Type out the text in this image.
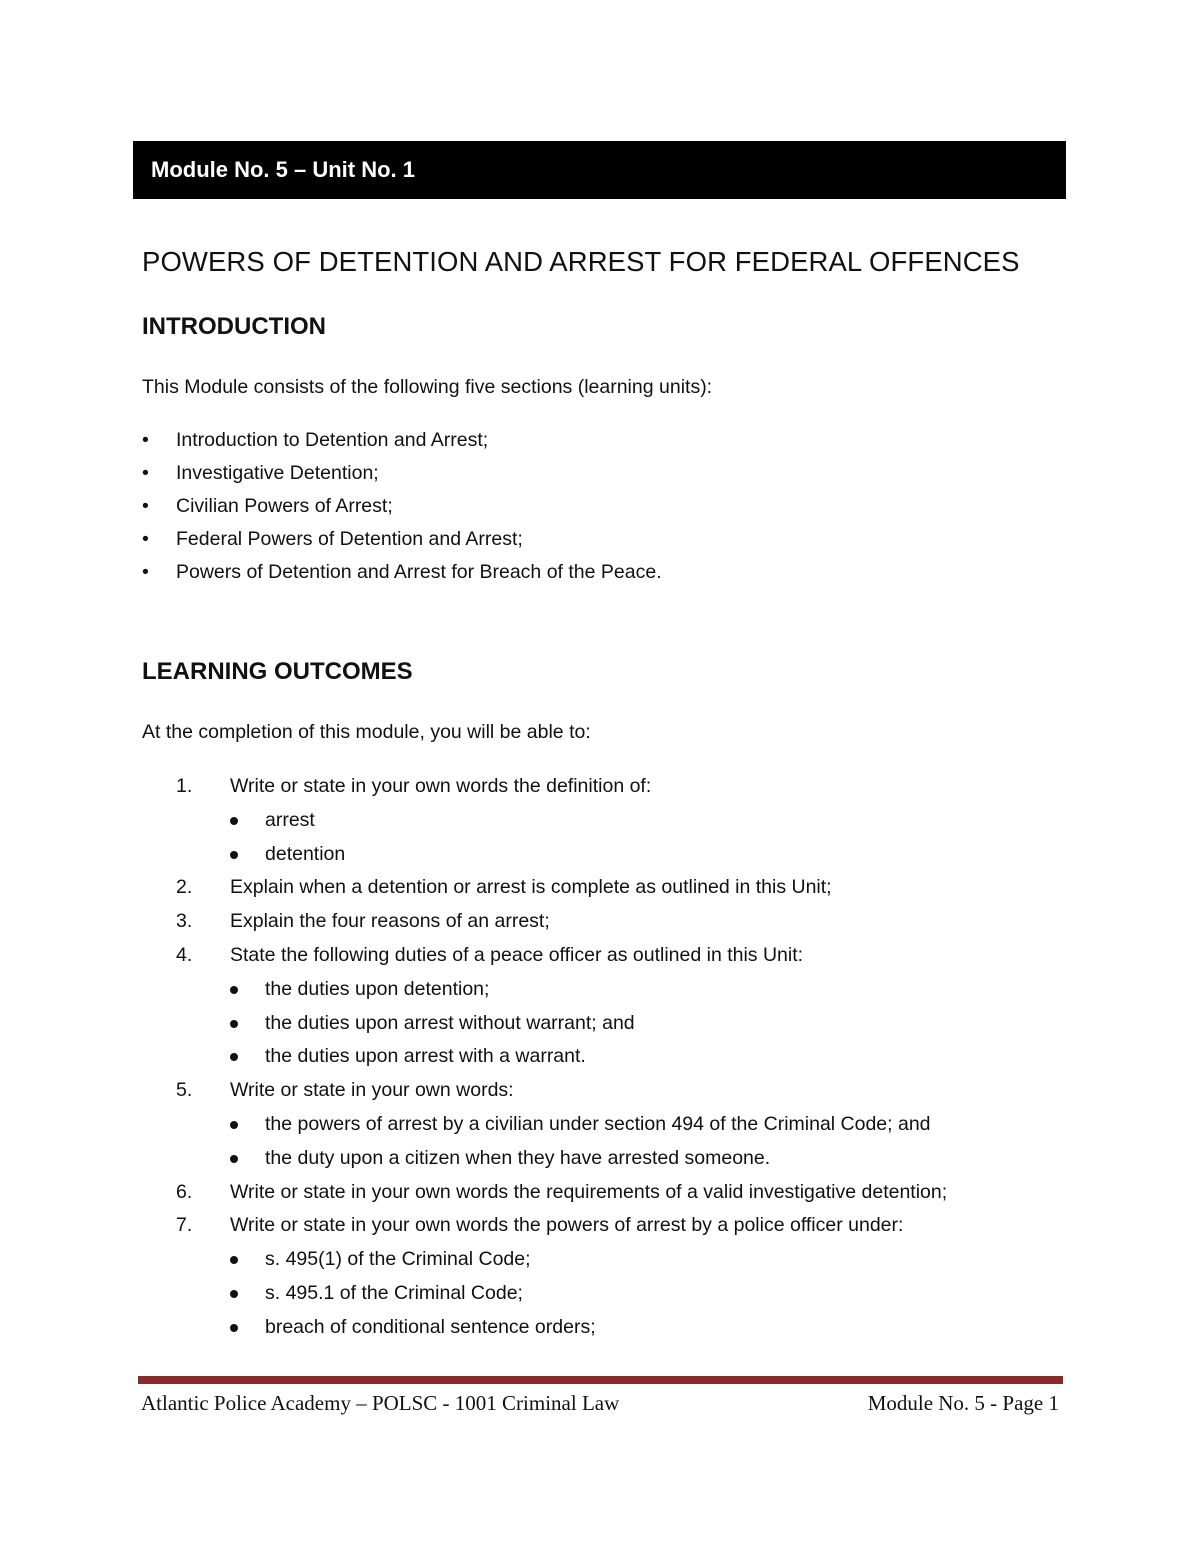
Module No. 5 – Unit No. 1
POWERS OF DETENTION AND ARREST FOR FEDERAL OFFENCES
INTRODUCTION

This Module consists of the following five sections (learning units):

• Introduction to Detention and Arrest;
• Investigative Detention;
• Civilian Powers of Arrest;
• Federal Powers of Detention and Arrest;
• Powers of Detention and Arrest for Breach of the Peace.
LEARNING OUTCOMES

At the completion of this module, you will be able to:

1. Write or state in your own words the definition of:
arrest
detention
2. Explain when a detention or arrest is complete as outlined in this Unit;
3. Explain the four reasons of an arrest;
4. State the following duties of a peace officer as outlined in this Unit:
the duties upon detention;
the duties upon arrest without warrant; and
the duties upon arrest with a warrant.
5. Write or state in your own words:
the powers of arrest by a civilian under section 494 of the Criminal Code; and
the duty upon a citizen when they have arrested someone.
6. Write or state in your own words the requirements of a valid investigative detention;
7. Write or state in your own words the powers of arrest by a police officer under:
s. 495(1) of the Criminal Code;
s. 495.1 of the Criminal Code;
breach of conditional sentence orders;
Atlantic Police Academy – POLSC - 1001 Criminal Law	Module No. 5 - Page 1
